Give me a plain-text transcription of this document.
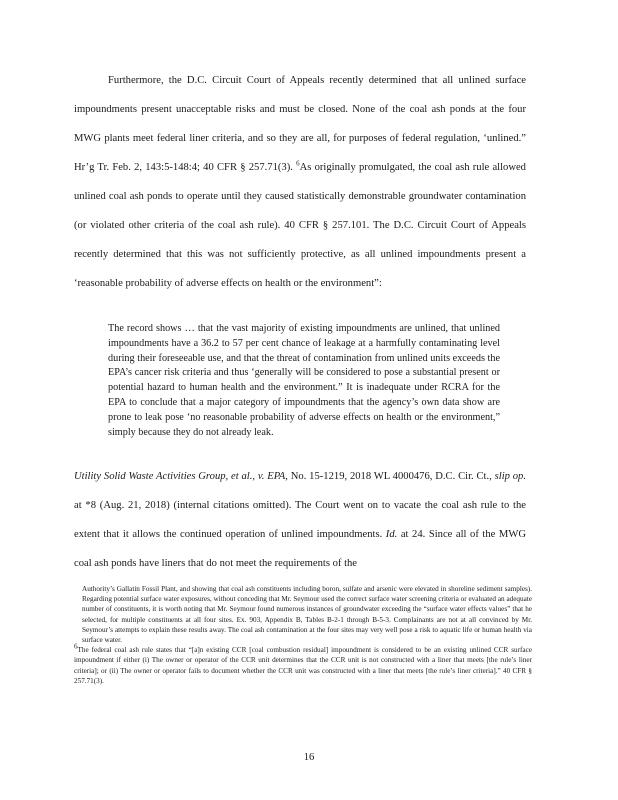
Furthermore, the D.C. Circuit Court of Appeals recently determined that all unlined surface impoundments present unacceptable risks and must be closed. None of the coal ash ponds at the four MWG plants meet federal liner criteria, and so they are all, for purposes of federal regulation, ‘unlined.” Hr’g Tr. Feb. 2, 143:5-148:4; 40 CFR § 257.71(3). $^6$As originally promulgated, the coal ash rule allowed unlined coal ash ponds to operate until they caused statistically demonstrable groundwater contamination (or violated other criteria of the coal ash rule). 40 CFR § 257.101. The D.C. Circuit Court of Appeals recently determined that this was not sufficiently protective, as all unlined impoundments present a ‘reasonable probability of adverse effects on health or the environment”:

The record shows … that the vast majority of existing impoundments are unlined, that unlined impoundments have a 36.2 to 57 per cent chance of leakage at a harmfully contaminating level during their foreseeable use, and that the threat of contamination from unlined units exceeds the EPA’s cancer risk criteria and thus ‘generally will be considered to pose a substantial present or potential hazard to human health and the environment.” It is inadequate under RCRA for the EPA to conclude that a major category of impoundments that the agency’s own data show are prone to leak pose ‘no reasonable probability of adverse effects on health or the environment,” simply because they do not already leak.

Utility Solid Waste Activities Group, et al., v. EPA, No. 15-1219, 2018 WL 4000476, D.C. Cir. Ct., slip op. at *8 (Aug. 21, 2018) (internal citations omitted). The Court went on to vacate the coal ash rule to the extent that it allows the continued operation of unlined impoundments. Id. at 24. Since all of the MWG coal ash ponds have liners that do not meet the requirements of the

Authority’s Gallatin Fossil Plant, and showing that coal ash constituents including boron, sulfate and arsenic were elevated in shoreline sediment samples). Regarding potential surface water exposures, without conceding that Mr. Seymour used the correct surface water screening criteria or evaluated an adequate number of constituents, it is worth noting that Mr. Seymour found numerous instances of groundwater exceeding the “surface water effects values” that he selected, for multiple constituents at all four sites. Ex. 903, Appendix B, Tables B-2-1 through B-5-3. Complainants are not at all convinced by Mr. Seymour’s attempts to explain these results away. The coal ash contamination at the four sites may very well pose a risk to aquatic life or human health via surface water.

6The federal coal ash rule states that “[a]n existing CCR [coal combustion residual] impoundment is considered to be an existing unlined CCR surface impoundment if either (i) The owner or operator of the CCR unit determines that the CCR unit is not constructed with a liner that meets [the rule’s liner criteria]; or (ii) The owner or operator fails to document whether the CCR unit was constructed with a liner that meets [the rule’s liner criteria].” 40 CFR § 257.71(3).

16
